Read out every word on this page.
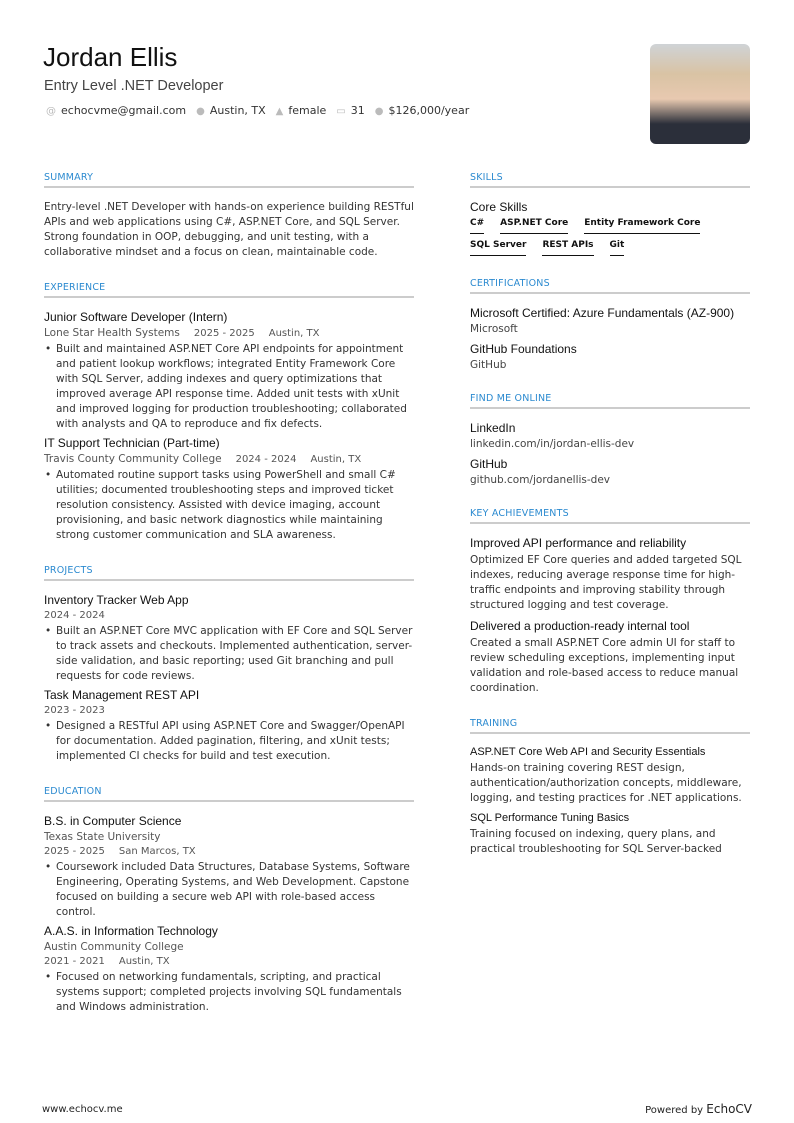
Jordan Ellis
Entry Level .NET Developer
@ echocvme@gmail.com ● Austin, TX ▲ female ▭ 31 ● $126,000/year
SUMMARY
Entry-level .NET Developer with hands-on experience building RESTful APIs and web applications using C#, ASP.NET Core, and SQL Server. Strong foundation in OOP, debugging, and unit testing, with a collaborative mindset and a focus on clean, maintainable code.
EXPERIENCE
Junior Software Developer (Intern)
Lone Star Health Systems 2025 - 2025 Austin, TX
• Built and maintained ASP.NET Core API endpoints for appointment and patient lookup workflows; integrated Entity Framework Core with SQL Server, adding indexes and query optimizations that improved average API response time. Added unit tests with xUnit and improved logging for production troubleshooting; collaborated with analysts and QA to reproduce and fix defects.
IT Support Technician (Part-time)
Travis County Community College 2024 - 2024 Austin, TX
• Automated routine support tasks using PowerShell and small C# utilities; documented troubleshooting steps and improved ticket resolution consistency. Assisted with device imaging, account provisioning, and basic network diagnostics while maintaining strong customer communication and SLA awareness.
PROJECTS
Inventory Tracker Web App
2024 - 2024
• Built an ASP.NET Core MVC application with EF Core and SQL Server to track assets and checkouts. Implemented authentication, server-side validation, and basic reporting; used Git branching and pull requests for code reviews.
Task Management REST API
2023 - 2023
• Designed a RESTful API using ASP.NET Core and Swagger/OpenAPI for documentation. Added pagination, filtering, and xUnit tests; implemented CI checks for build and test execution.
EDUCATION
B.S. in Computer Science
Texas State University
2025 - 2025 San Marcos, TX
• Coursework included Data Structures, Database Systems, Software Engineering, Operating Systems, and Web Development. Capstone focused on building a secure web API with role-based access control.
A.A.S. in Information Technology
Austin Community College
2021 - 2021 Austin, TX
• Focused on networking fundamentals, scripting, and practical systems support; completed projects involving SQL fundamentals and Windows administration.
SKILLS
Core Skills
C# ASP.NET Core Entity Framework Core
SQL Server REST APIs Git
CERTIFICATIONS
Microsoft Certified: Azure Fundamentals (AZ-900)
Microsoft
GitHub Foundations
GitHub
FIND ME ONLINE
LinkedIn
linkedin.com/in/jordan-ellis-dev
GitHub
github.com/jordanellis-dev
KEY ACHIEVEMENTS
Improved API performance and reliability
Optimized EF Core queries and added targeted SQL indexes, reducing average response time for high-traffic endpoints and improving stability through structured logging and test coverage.
Delivered a production-ready internal tool
Created a small ASP.NET Core admin UI for staff to review scheduling exceptions, implementing input validation and role-based access to reduce manual coordination.
TRAINING
ASP.NET Core Web API and Security Essentials
Hands-on training covering REST design, authentication/authorization concepts, middleware, logging, and testing practices for .NET applications.
SQL Performance Tuning Basics
Training focused on indexing, query plans, and practical troubleshooting for SQL Server-backed
www.echocv.me	Powered by EchoCV
